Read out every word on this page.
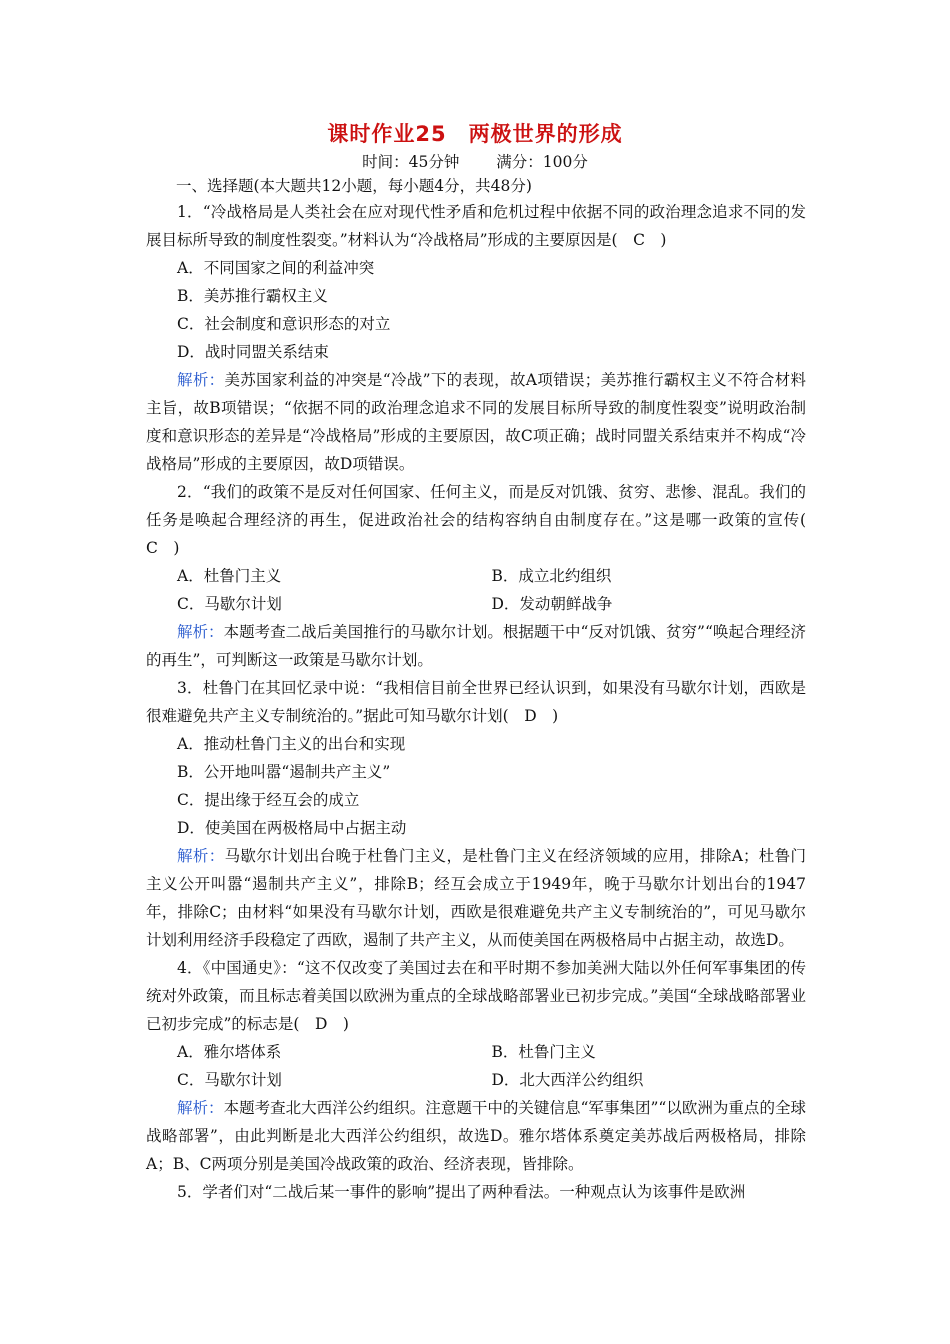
课时作业25　两极世界的形成
时间：45分钟 满分：100分
一、选择题(本大题共12小题，每小题4分，共48分)

1．“冷战格局是人类社会在应对现代性矛盾和危机过程中依据不同的政治理念追求不同的发展目标所导致的制度性裂变。”材料认为“冷战格局”形成的主要原因是(　C　)

A．不同国家之间的利益冲突

B．美苏推行霸权主义

C．社会制度和意识形态的对立

D．战时同盟关系结束

解析：美苏国家利益的冲突是“冷战”下的表现，故A项错误；美苏推行霸权主义不符合材料主旨，故B项错误；“依据不同的政治理念追求不同的发展目标所导致的制度性裂变”说明政治制度和意识形态的差异是“冷战格局”形成的主要原因，故C项正确；战时同盟关系结束并不构成“冷战格局”形成的主要原因，故D项错误。

2．“我们的政策不是反对任何国家、任何主义，而是反对饥饿、贫穷、悲惨、混乱。我们的任务是唤起合理经济的再生，促进政治社会的结构容纳自由制度存在。”这是哪一政策的宣传(　C　)

A．杜鲁门主义	B．成立北约组织
C．马歇尔计划	D．发动朝鲜战争

解析：本题考查二战后美国推行的马歇尔计划。根据题干中“反对饥饿、贫穷”“唤起合理经济的再生”，可判断这一政策是马歇尔计划。

3．杜鲁门在其回忆录中说：“我相信目前全世界已经认识到，如果没有马歇尔计划，西欧是很难避免共产主义专制统治的。”据此可知马歇尔计划(　D　)

A．推动杜鲁门主义的出台和实现

B．公开地叫嚣“遏制共产主义”

C．提出缘于经互会的成立

D．使美国在两极格局中占据主动

解析：马歇尔计划出台晚于杜鲁门主义，是杜鲁门主义在经济领域的应用，排除A；杜鲁门主义公开叫嚣“遏制共产主义”，排除B；经互会成立于1949年，晚于马歇尔计划出台的1947年，排除C；由材料“如果没有马歇尔计划，西欧是很难避免共产主义专制统治的”，可见马歇尔计划利用经济手段稳定了西欧，遏制了共产主义，从而使美国在两极格局中占据主动，故选D。

4．《中国通史》：“这不仅改变了美国过去在和平时期不参加美洲大陆以外任何军事集团的传统对外政策，而且标志着美国以欧洲为重点的全球战略部署业已初步完成。”美国“全球战略部署业已初步完成”的标志是(　D　)

A．雅尔塔体系	B．杜鲁门主义
C．马歇尔计划	D．北大西洋公约组织

解析：本题考查北大西洋公约组织。注意题干中的关键信息“军事集团”“以欧洲为重点的全球战略部署”，由此判断是北大西洋公约组织，故选D。雅尔塔体系奠定美苏战后两极格局，排除A；B、C两项分别是美国冷战政策的政治、经济表现，皆排除。

5．学者们对“二战后某一事件的影响”提出了两种看法。一种观点认为该事件是欧洲
